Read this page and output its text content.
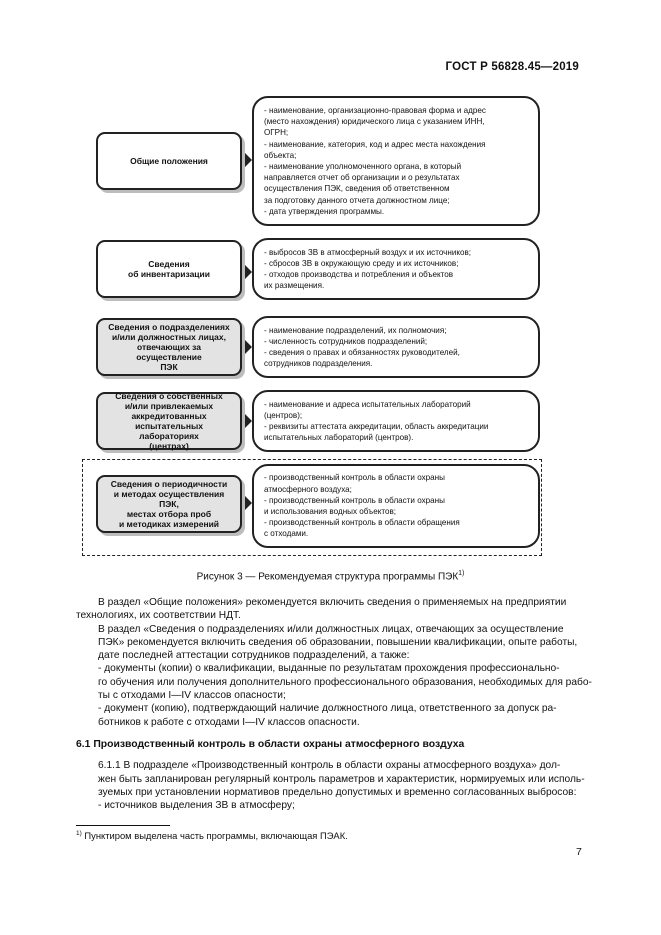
ГОСТ Р 56828.45—2019
Общие положения
- наименование, организационно-правовая форма и адрес
(место нахождения) юридического лица с указанием ИНН,
ОГРН;
- наименование, категория, код и адрес места нахождения
объекта;
- наименование уполномоченного органа, в который
направляется отчет об организации и о результатах
осуществления ПЭК, сведения об ответственном
за подготовку данного отчета должностном лице;
- дата утверждения программы.
Сведения
об инвентаризации
- выбросов ЗВ в атмосферный воздух и их источников;
- сбросов ЗВ в окружающую среду и их источников;
- отходов производства и потребления и объектов
их размещения.
Сведения о подразделениях
и/или должностных лицах,
отвечающих за осуществление
ПЭК
- наименование подразделений, их полномочия;
- численность сотрудников подразделений;
- сведения о правах и обязанностях руководителей,
сотрудников подразделения.
Сведения о собственных
и/или привлекаемых
аккредитованных
испытательных лабораториях
(центрах)
- наименование и адреса испытательных лабораторий
(центров);
- реквизиты аттестата аккредитации, область аккредитации
испытательных лабораторий (центров).
Сведения о периодичности
и методах осуществления ПЭК,
местах отбора проб
и методиках измерений
- производственный контроль в области охраны
атмосферного воздуха;
- производственный контроль в области охраны
и использования водных объектов;
- производственный контроль в области обращения
с отходами.
Рисунок 3 — Рекомендуемая структура программы ПЭК$^{1)}$

В раздел «Общие положения» рекомендуется включить сведения о применяемых на предприятии
технологиях, их соответствии НДТ.

В раздел «Сведения о подразделениях и/или должностных лицах, отвечающих за осуществление
ПЭК» рекомендуется включить сведения об образовании, повышении квалификации, опыте работы,
дате последней аттестации сотрудников подразделений, а также:

- документы (копии) о квалификации, выданные по результатам прохождения профессионально-
го обучения или получения дополнительного профессионального образования, необходимых для рабо-
ты с отходами I—IV классов опасности;

- документ (копию), подтверждающий наличие должностного лица, ответственного за допуск ра-
ботников к работе с отходами I—IV классов опасности.

6.1 Производственный контроль в области охраны атмосферного воздуха

6.1.1 В подразделе «Производственный контроль в области охраны атмосферного воздуха» дол-
жен быть запланирован регулярный контроль параметров и характеристик, нормируемых или исполь-
зуемых при установлении нормативов предельно допустимых и временно согласованных выбросов:

- источников выделения ЗВ в атмосферу;

$^{1)}$ Пунктиром выделена часть программы, включающая ПЭАК.
7
